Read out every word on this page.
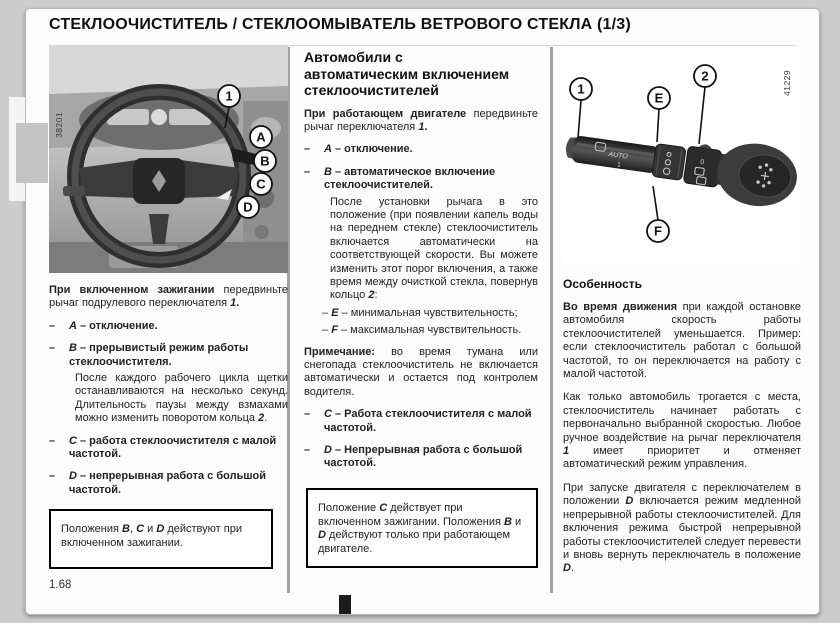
СТЕКЛООЧИСТИТЕЛЬ / СТЕКЛООМЫВАТЕЛЬ ВЕТРОВОГО СТЕКЛА (1/3)
38201
1
A
B
C
D

При включенном зажигании передвиньте рычаг подрулевого переключателя 1.

–	A – отключение.

–	B – прерывистый режим работы стеклоочистителя.

После каждого рабочего цикла щетки останавливаются на несколько секунд. Длительность паузы между взмахами можно изменить поворотом кольца 2.

–	C – работа стеклоочистителя с малой частотой.

–	D – непрерывная работа с большой частотой.

Положения B, C и D действуют при включенном зажигании.

1.68
Автомобили с
автоматическим включением
стеклоочистителей

При работающем двигателе передвиньте рычаг переключателя 1.

–	A – отключение.

–	B – автоматическое включение стеклоочистителей.

После установки рычага в это положение (при появлении капель воды на переднем стекле) стеклоочиститель включается автоматически на соответствующей скорости. Вы можете изменить этот порог включения, а также время между очисткой стекла, повернув кольцо 2:

– E – минимальная чувствительность;

– F – максимальная чувствительность.

Примечание: во время тумана или снегопада стеклоочиститель не включается автоматически и остается под контролем водителя.

–	C – Работа стеклоочистителя с малой частотой.

–	D – Непрерывная работа с большой частотой.

Положение C действует при включенном зажигании. Положения B и D действуют только при работающем двигателе.

AUTO
1	0
1
E
2
F
41229
Особенность

Во время движения при каждой остановке автомобиля скорость работы стеклоочистителей уменьшается. Пример: если стеклоочиститель работал с большой частотой, то он переключается на работу с малой частотой.

Как только автомобиль трогается с места, стеклоочиститель начинает работать с первоначально выбранной скоростью. Любое ручное воздействие на рычаг переключателя 1 имеет приоритет и отменяет автоматический режим управления.

При запуске двигателя с переключателем в положении D включается режим медленной непрерывной работы стеклоочистителей. Для включения режима быстрой непрерывной работы стеклоочистителей следует перевести и вновь вернуть переключатель в положение D.
